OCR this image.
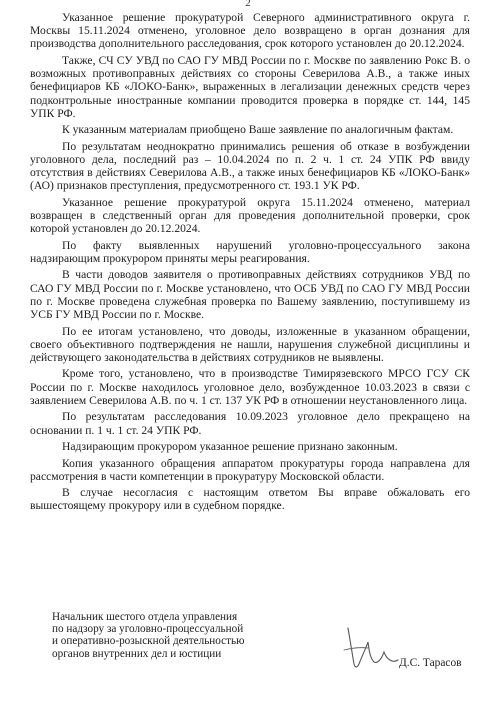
2

Указанное решение прокуратурой Северного административного округа г. Москвы 15.11.2024 отменено, уголовное дело возвращено в орган дознания для производства дополнительного расследования, срок которого установлен до 20.12.2024.

Также, СЧ СУ УВД по САО ГУ МВД России по г. Москве по заявлению Рокс В. о возможных противоправных действиях со стороны Северилова А.В., а также иных бенефициаров КБ «ЛОКО-Банк», выраженных в легализации денежных средств через подконтрольные иностранные компании проводится проверка в порядке ст. 144, 145 УПК РФ.

К указанным материалам приобщено Ваше заявление по аналогичным фактам.

По результатам неоднократно принимались решения об отказе в возбуждении уголовного дела, последний раз – 10.04.2024 по п. 2 ч. 1 ст. 24 УПК РФ ввиду отсутствия в действиях Северилова А.В., а также иных бенефициаров КБ «ЛОКО-Банк» (АО) признаков преступления, предусмотренного ст. 193.1 УК РФ.

Указанное решение прокуратурой округа 15.11.2024 отменено, материал возвращен в следственный орган для проведения дополнительной проверки, срок которой установлен до 20.12.2024.

По факту выявленных нарушений уголовно-процессуального закона надзирающим прокурором приняты меры реагирования.

В части доводов заявителя о противоправных действиях сотрудников УВД по САО ГУ МВД России по г. Москве установлено, что ОСБ УВД по САО ГУ МВД России по г. Москве проведена служебная проверка по Вашему заявлению, поступившему из УСБ ГУ МВД России по г. Москве.

По ее итогам установлено, что доводы, изложенные в указанном обращении, своего объективного подтверждения не нашли, нарушения служебной дисциплины и действующего законодательства в действиях сотрудников не выявлены.

Кроме того, установлено, что в производстве Тимирязевского МРСО ГСУ СК России по г. Москве находилось уголовное дело, возбужденное 10.03.2023 в связи с заявлением Северилова А.В. по ч. 1 ст. 137 УК РФ в отношении неустановленного лица.

По результатам расследования 10.09.2023 уголовное дело прекращено на основании п. 1 ч. 1 ст. 24 УПК РФ.

Надзирающим прокурором указанное решение признано законным.

Копия указанного обращения аппаратом прокуратуры города направлена для рассмотрения в части компетенции в прокуратуру Московской области.

В случае несогласия с настоящим ответом Вы вправе обжаловать его вышестоящему прокурору или в судебном порядке.

Начальник шестого отдела управления
по надзору за уголовно-процессуальной
и оперативно-розыскной деятельностью
органов внутренних дел и юстиции
Д.С. Тарасов
